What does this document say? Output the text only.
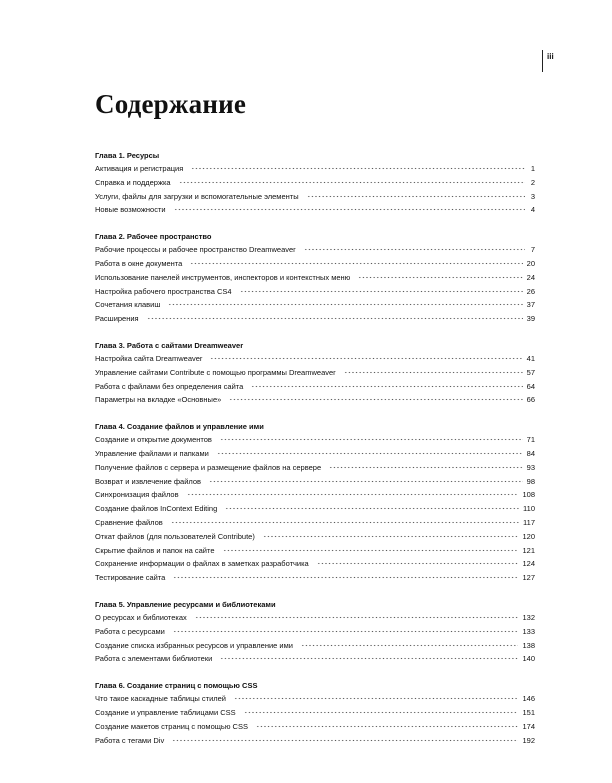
iii
Содержание
Глава 1. Ресурсы
Активация и регистрация	1
Справка и поддержка	2
Услуги, файлы для загрузки и вспомогательные элементы	3
Новые возможности	4
Глава 2. Рабочее пространство
Рабочие процессы и рабочее пространство Dreamweaver	7
Работа в окне документа	20
Использование панелей инструментов, инспекторов и контекстных меню	24
Настройка рабочего пространства CS4	26
Сочетания клавиш	37
Расширения	39
Глава 3. Работа с сайтами Dreamweaver
Настройка сайта Dreamweaver	41
Управление сайтами Contribute с помощью программы Dreamweaver	57
Работа с файлами без определения сайта	64
Параметры на вкладке «Основные»	66
Глава 4. Создание файлов и управление ими
Создание и открытие документов	71
Управление файлами и папками	84
Получение файлов с сервера и размещение файлов на сервере	93
Возврат и извлечение файлов	98
Синхронизация файлов	108
Создание файлов InContext Editing	110
Сравнение файлов	117
Откат файлов (для пользователей Contribute)	120
Скрытие файлов и папок на сайте	121
Сохранение информации о файлах в заметках разработчика	124
Тестирование сайта	127
Глава 5. Управление ресурсами и библиотеками
О ресурсах и библиотеках	132
Работа с ресурсами	133
Создание списка избранных ресурсов и управление ими	138
Работа с элементами библиотеки	140
Глава 6. Создание страниц с помощью CSS
Что такое каскадные таблицы стилей	146
Создание и управление таблицами CSS	151
Создание макетов страниц с помощью CSS	174
Работа с тегами Div	192
